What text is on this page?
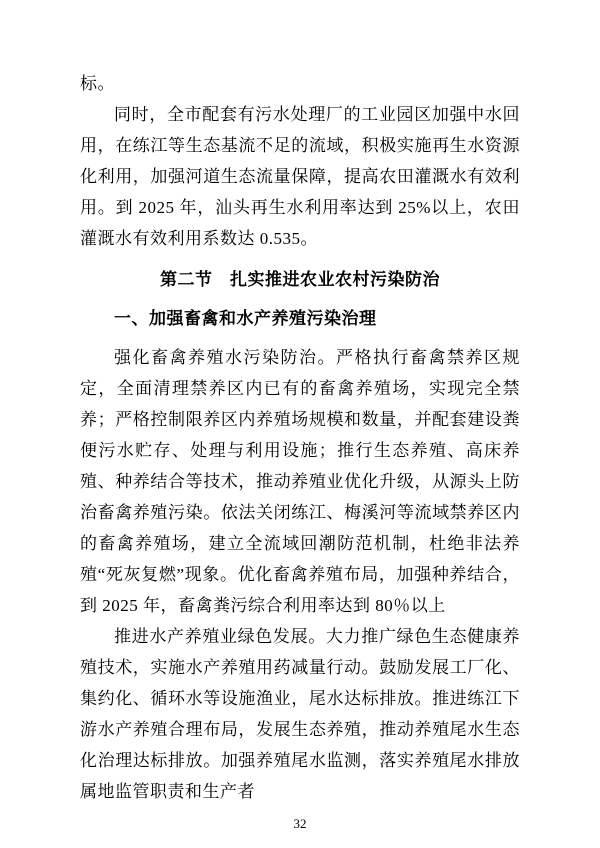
标。

同时，全市配套有污水处理厂的工业园区加强中水回用，在练江等生态基流不足的流域，积极实施再生水资源化利用，加强河道生态流量保障，提高农田灌溉水有效利用。到 2025 年，汕头再生水利用率达到 25%以上，农田灌溉水有效利用系数达 0.535。

第二节　扎实推进农业农村污染防治
一、加强畜禽和水产养殖污染治理

强化畜禽养殖水污染防治。严格执行畜禽禁养区规定，全面清理禁养区内已有的畜禽养殖场，实现完全禁养；严格控制限养区内养殖场规模和数量，并配套建设粪便污水贮存、处理与利用设施；推行生态养殖、高床养殖、种养结合等技术，推动养殖业优化升级，从源头上防治畜禽养殖污染。依法关闭练江、梅溪河等流域禁养区内的畜禽养殖场，建立全流域回潮防范机制，杜绝非法养殖“死灰复燃”现象。优化畜禽养殖布局，加强种养结合，到 2025 年，畜禽粪污综合利用率达到 80％以上

推进水产养殖业绿色发展。大力推广绿色生态健康养殖技术，实施水产养殖用药减量行动。鼓励发展工厂化、集约化、循环水等设施渔业，尾水达标排放。推进练江下游水产养殖合理布局，发展生态养殖，推动养殖尾水生态化治理达标排放。加强养殖尾水监测，落实养殖尾水排放属地监管职责和生产者

32
